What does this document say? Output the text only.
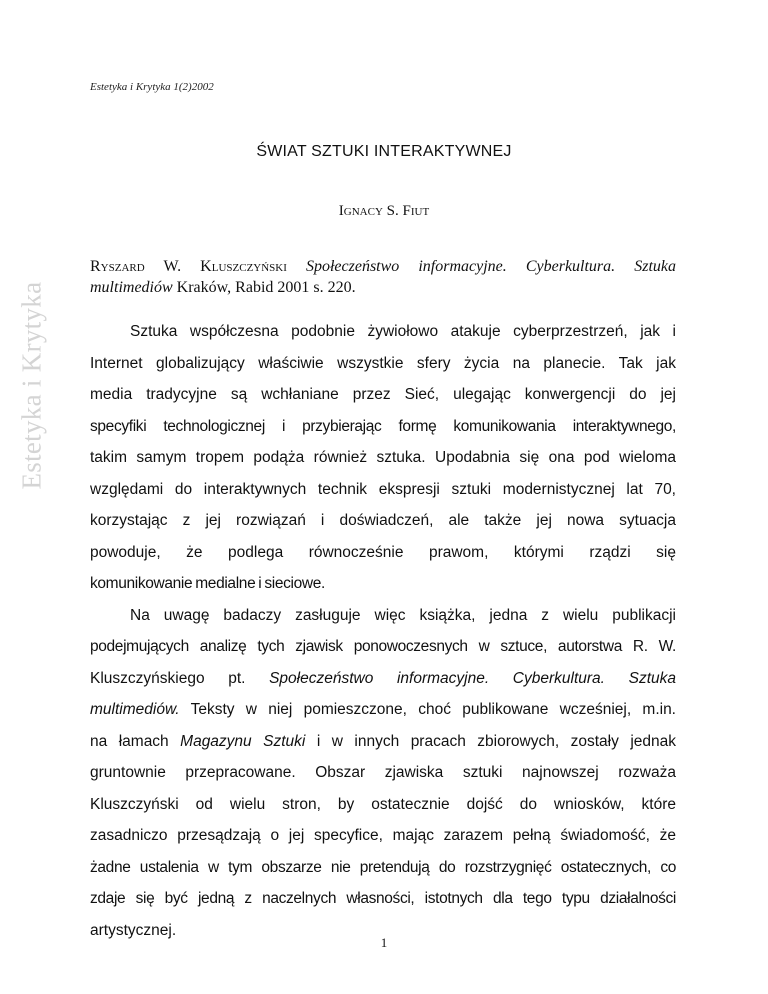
Estetyka i Krytyka
Estetyka i Krytyka 1(2)2002
ŚWIAT SZTUKI INTERAKTYWNEJ
IGNACY S. FIUT
RYSZARD W. KLUSZCZYŃSKI Społeczeństwo informacyjne. Cyberkultura. Sztuka
multimediów Kraków, Rabid 2001 s. 220.
Sztuka współczesna podobnie żywiołowo atakuje cyberprzestrzeń, jak i
Internet globalizujący właściwie wszystkie sfery życia na planecie. Tak jak
media tradycyjne są wchłaniane przez Sieć, ulegając konwergencji do jej
specyfiki technologicznej i przybierając formę komunikowania interaktywnego,
takim samym tropem podąża również sztuka. Upodabnia się ona pod wieloma
względami do interaktywnych technik ekspresji sztuki modernistycznej lat 70,
korzystając z jej rozwiązań i doświadczeń, ale także jej nowa sytuacja
powoduje, że podlega równocześnie prawom, którymi rządzi się
komunikowanie medialne i sieciowe.
Na uwagę badaczy zasługuje więc książka, jedna z wielu publikacji
podejmujących analizę tych zjawisk ponowoczesnych w sztuce, autorstwa R. W.
Kluszczyńskiego pt. Społeczeństwo informacyjne. Cyberkultura. Sztuka
multimediów. Teksty w niej pomieszczone, choć publikowane wcześniej, m.in.
na łamach Magazynu Sztuki i w innych pracach zbiorowych, zostały jednak
gruntownie przepracowane. Obszar zjawiska sztuki najnowszej rozważa
Kluszczyński od wielu stron, by ostatecznie dojść do wniosków, które
zasadniczo przesądzają o jej specyfice, mając zarazem pełną świadomość, że
żadne ustalenia w tym obszarze nie pretendują do rozstrzygnięć ostatecznych, co
zdaje się być jedną z naczelnych własności, istotnych dla tego typu działalności
artystycznej.
1
